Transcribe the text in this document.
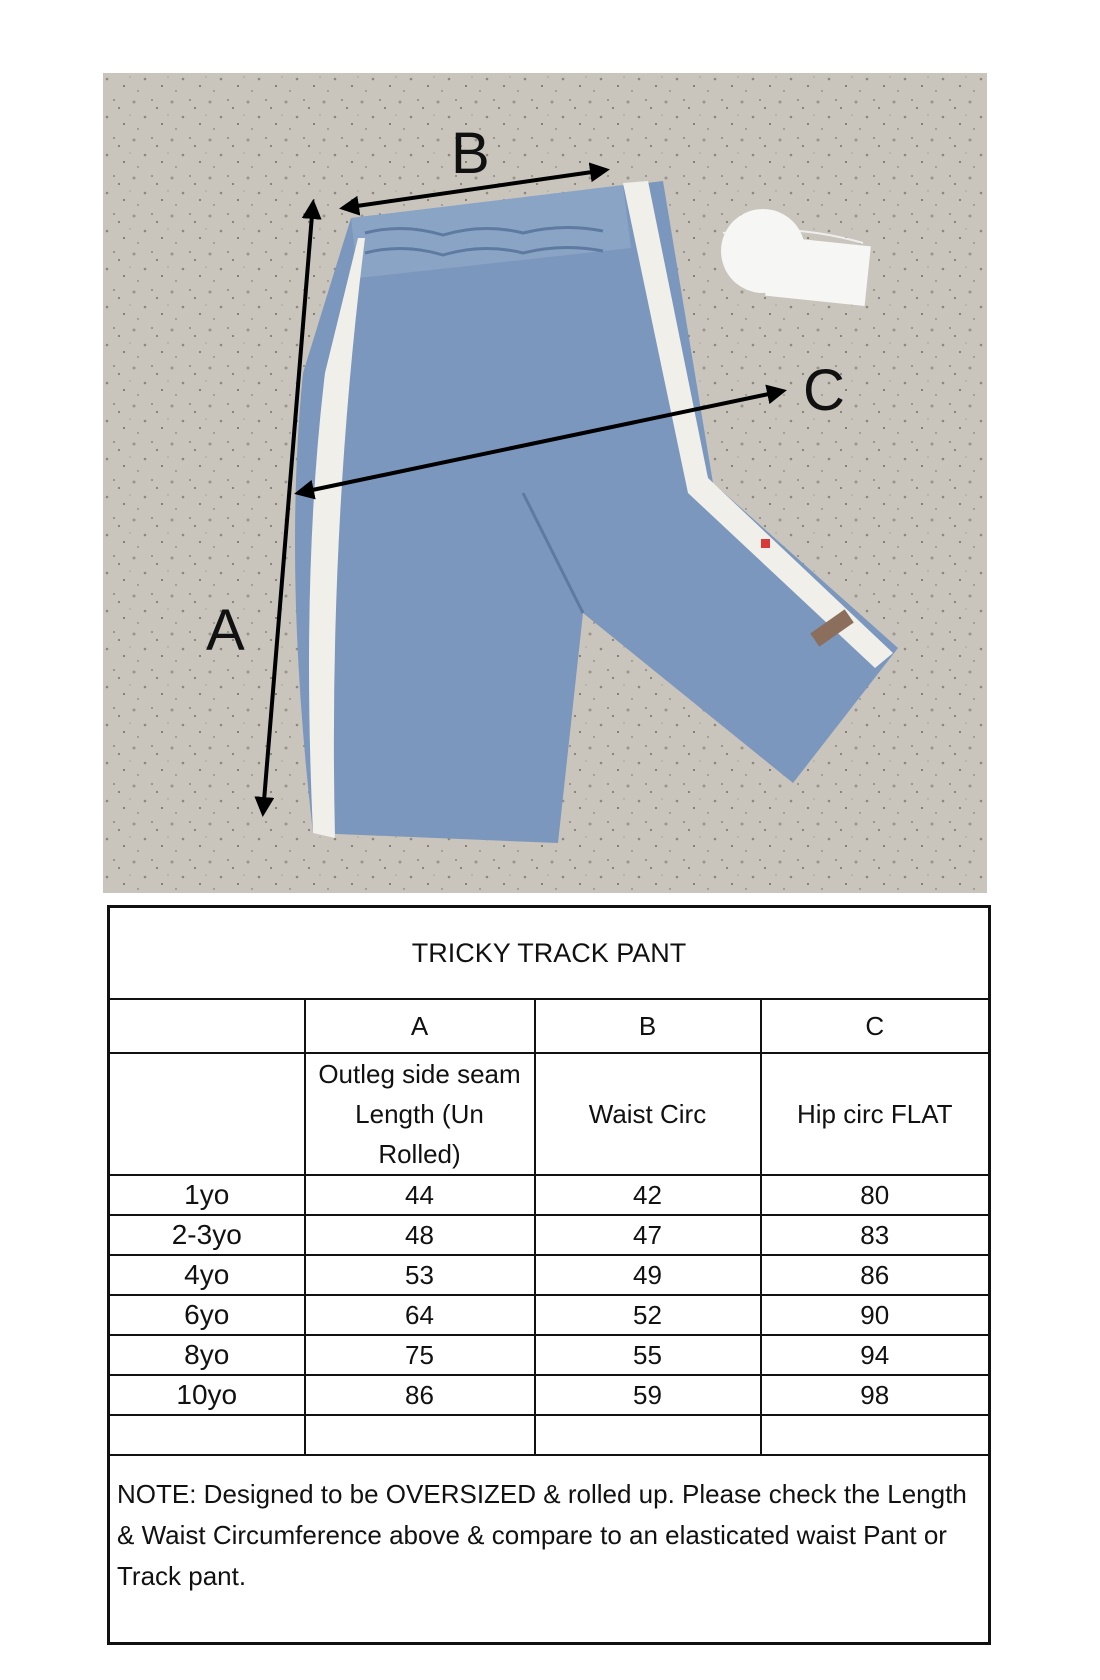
A
B
C
TRICKY TRACK PANT			
	A	B	C
	Outleg side seam Length (Un Rolled)	Waist Circ	Hip circ FLAT
1yo	44	42	80
2-3yo	48	47	83
4yo	53	49	86
6yo	64	52	90
8yo	75	55	94
10yo	86	59	98

NOTE: Designed to be OVERSIZED & rolled up. Please check the Length & Waist Circumference above & compare to an elasticated waist Pant or Track pant.			
